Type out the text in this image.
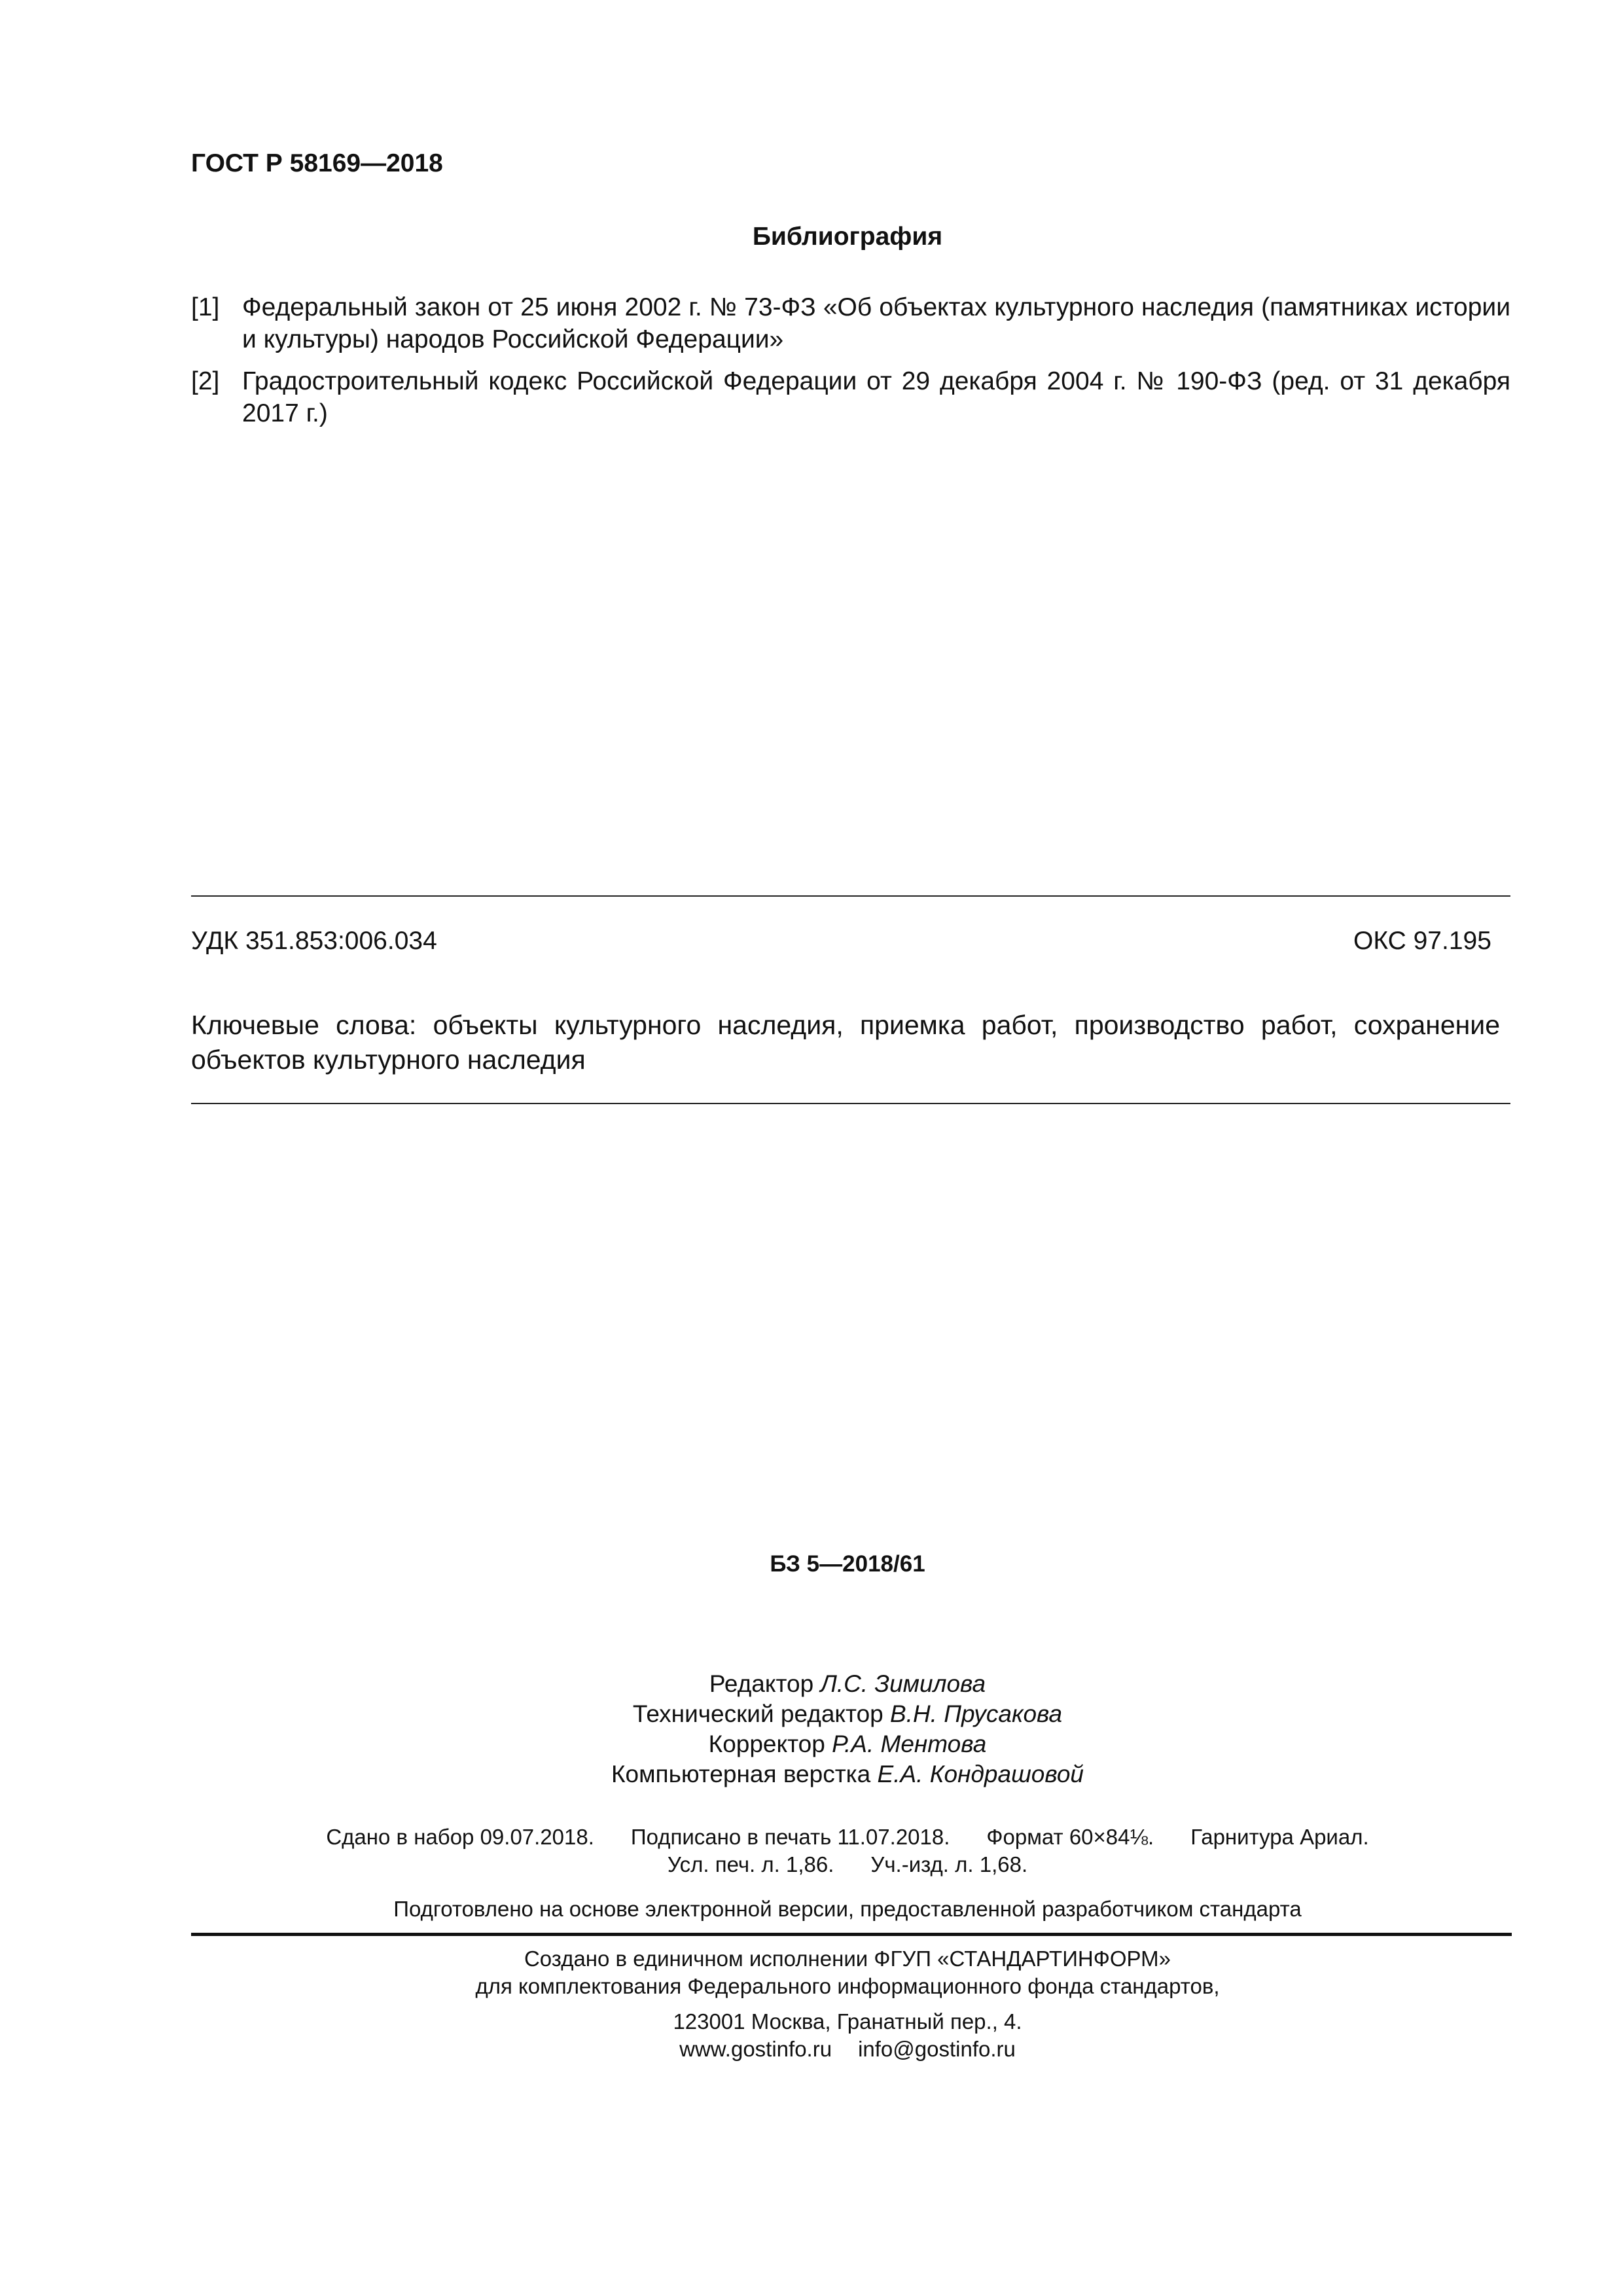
ГОСТ Р 58169—2018
Библиография
[1] Федеральный закон от 25 июня 2002 г. № 73-ФЗ «Об объектах культурного наследия (памятниках истории и культуры) народов Российской Федерации»
[2] Градостроительный кодекс Российской Федерации от 29 декабря 2004 г. № 190-ФЗ (ред. от 31 декабря 2017 г.)
УДК 351.853:006.034	ОКС 97.195
Ключевые слова: объекты культурного наследия, приемка работ, производство работ, сохранение объектов культурного наследия
БЗ 5—2018/61
Редактор Л.С. Зимилова
Технический редактор В.Н. Прусакова
Корректор Р.А. Ментова
Компьютерная верстка Е.А. Кондрашовой
Сдано в набор 09.07.2018. Подписано в печать 11.07.2018. Формат 60×84⅛. Гарнитура Ариал.
Усл. печ. л. 1,86. Уч.-изд. л. 1,68.
Подготовлено на основе электронной версии, предоставленной разработчиком стандарта
Создано в единичном исполнении ФГУП «СТАНДАРТИНФОРМ»
для комплектования Федерального информационного фонда стандартов,
123001 Москва, Гранатный пер., 4.
www.gostinfo.ru info@gostinfo.ru
